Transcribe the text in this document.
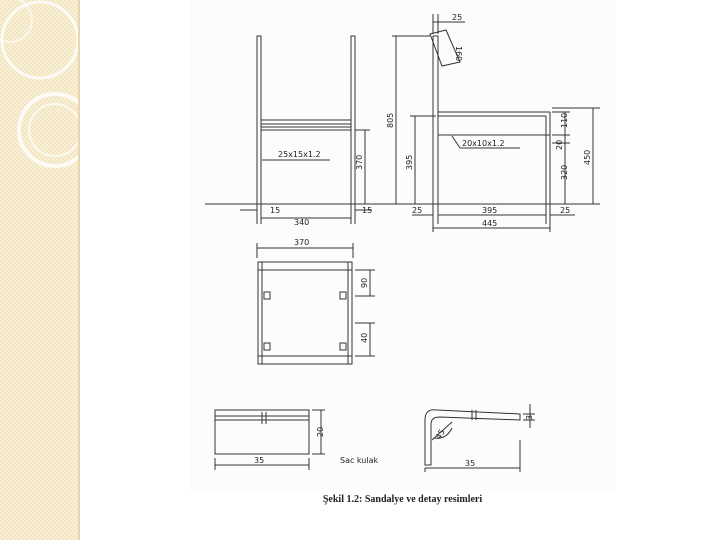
25x15x1.2
370
15	15
340
25
160
805
395
20x10x1.2
110
20
320
450
25	395	25
445
370
90
40
20
35	Sac kulak
45
3
35
Şekil 1.2: Sandalye ve detay resimleri
